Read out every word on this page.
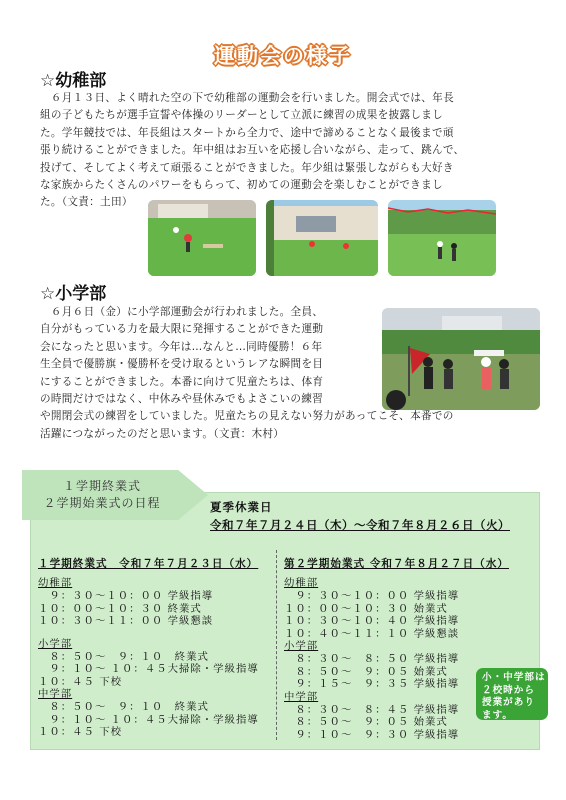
運動会の様子
☆幼稚部
　６月１３日、よく晴れた空の下で幼稚部の運動会を行いました。開会式では、年長
組の子どもたちが選手宣誓や体操のリーダーとして立派に練習の成果を披露しまし
た。学年競技では、年長組はスタートから全力で、途中で諦めることなく最後まで頑
張り続けることができました。年中組はお互いを応援し合いながら、走って、跳んで、
投げて、そしてよく考えて頑張ることができました。年少組は緊張しながらも大好き
な家族からたくさんのパワーをもらって、初めての運動会を楽しむことができまし
た。（文責：土田）
☆小学部
　６月６日（金）に小学部運動会が行われました。全員、
自分がもっている力を最大限に発揮することができた運動
会になったと思います。今年は…なんと…同時優勝！６年
生全員で優勝旗・優勝杯を受け取るというレアな瞬間を目
にすることができました。本番に向けて児童たちは、体育
の時間だけではなく、中休みや昼休みでもよさこいの練習
や開閉会式の練習をしていました。児童たちの見えない努力があってこそ、本番での
活躍につながったのだと思います。（文責：木村）
１学期終業式
２学期始業式の日程	夏季休業日
令和７年７月２４日（木）～令和７年８月２６日（火）
１学期終業式　令和７年７月２３日（水）
幼稚部
　９：３０～１０：００ 学級指導
１０：００～１０：３０ 終業式
１０：３０～１１：００ 学級懇談
小学部
　８：５０～　９：１０　終業式
　９：１０～ １０：４５大掃除・学級指導
１０：４５ 下校
中学部
　８：５０～　９：１０　終業式
　９：１０～ １０：４５大掃除・学級指導
１０：４５ 下校
第２学期始業式 令和７年８月２７日（水）
幼稚部
　９：３０～１０：００ 学級指導
１０：００～１０：３０ 始業式
１０：３０～１０：４０ 学級指導
１０：４０～１１：１０ 学級懇談
小学部
　８：３０～　８：５０ 学級指導
　８：５０～　９：０５ 始業式
　９：１５～　９：３５ 学級指導
中学部
　８：３０～　８：４５ 学級指導
　８：５０～　９：０５ 始業式
　９：１０～　９：３０ 学級指導
小・中学部は
２校時から
授業があり
ます。
